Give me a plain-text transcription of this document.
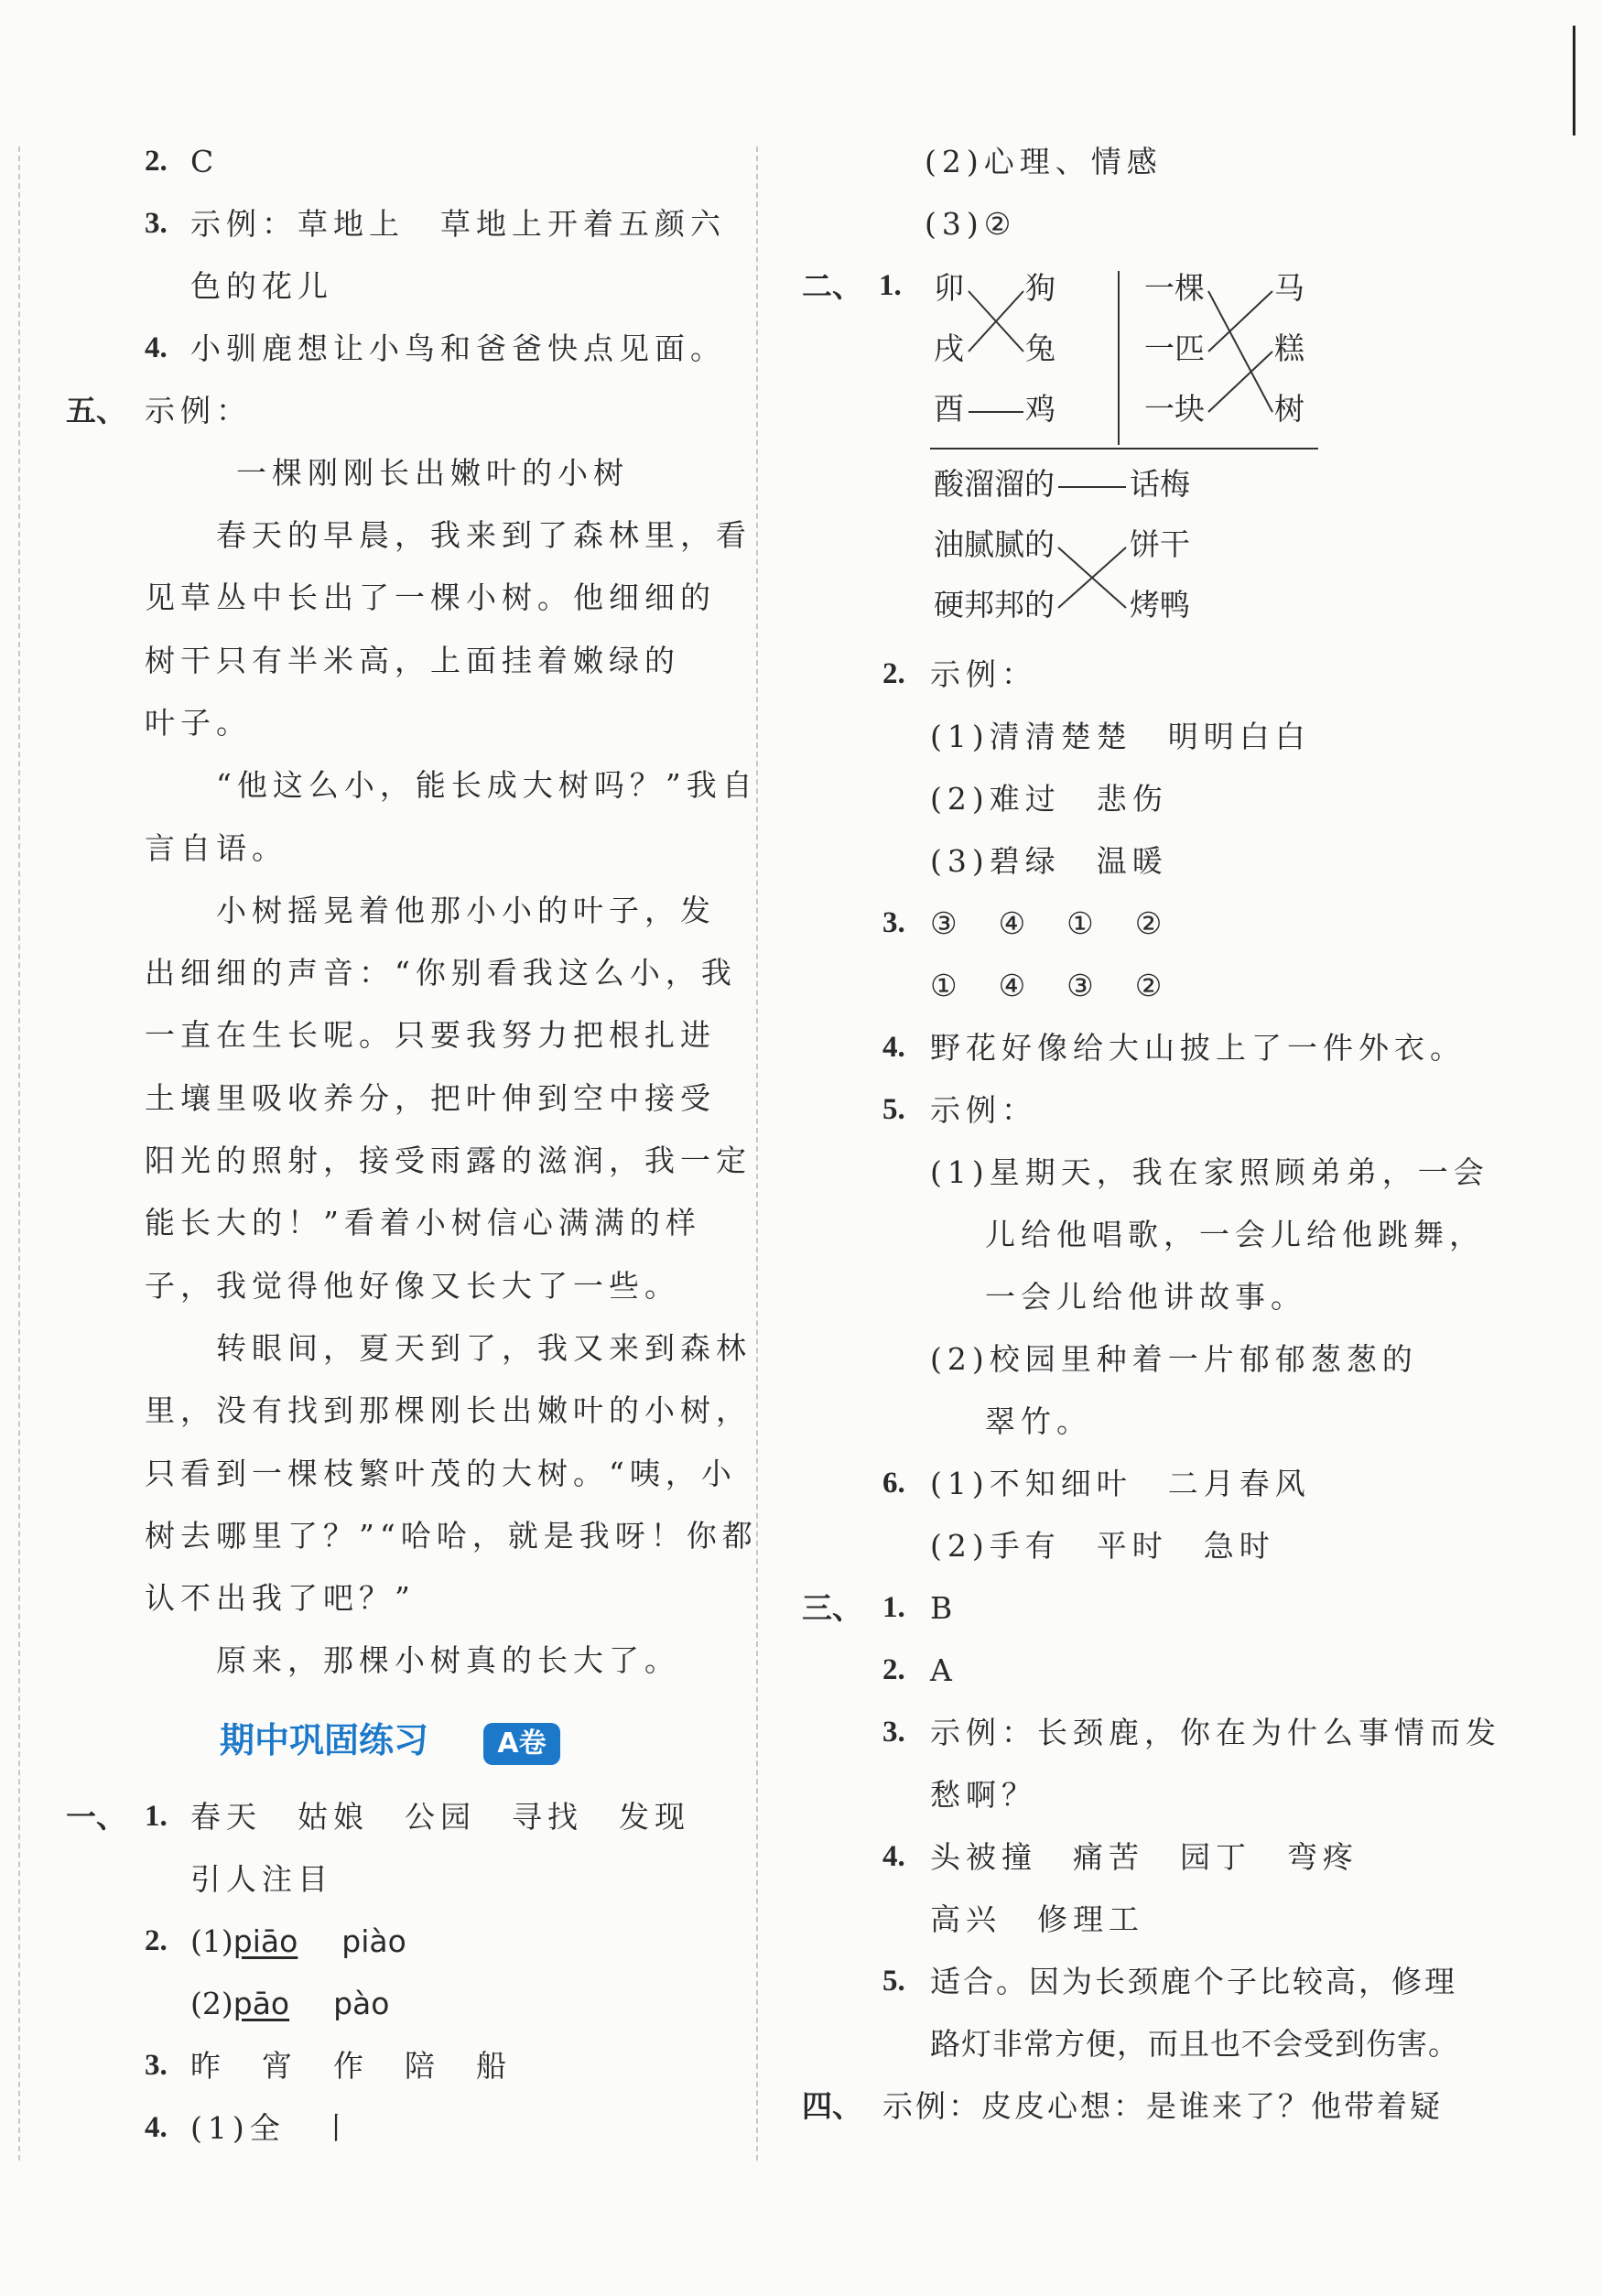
2. C
3. 示例：草地上　草地上开着五颜六
色的花儿
4. 小驯鹿想让小鸟和爸爸快点见面。
五、 示例：
一棵刚刚长出嫩叶的小树
　　春天的早晨，我来到了森林里，看
见草丛中长出了一棵小树。他细细的
树干只有半米高，上面挂着嫩绿的
叶子。
　　“他这么小，能长成大树吗？”我自
言自语。
　　小树摇晃着他那小小的叶子，发
出细细的声音：“你别看我这么小，我
一直在生长呢。只要我努力把根扎进
土壤里吸收养分，把叶伸到空中接受
阳光的照射，接受雨露的滋润，我一定
能长大的！”看着小树信心满满的样
子，我觉得他好像又长大了一些。
　　转眼间，夏天到了，我又来到森林
里，没有找到那棵刚长出嫩叶的小树，
只看到一棵枝繁叶茂的大树。“咦，小
树去哪里了？”“哈哈，就是我呀！你都
认不出我了吧？”
　　原来，那棵小树真的长大了。
期中巩固练习	A卷
一、 1. 春天　姑娘　公园　寻找　发现
引人注目
2. (1)piāo piào
(2)pāo pào
3. 昨　宵　作　陪　船
4. (1)全　丨
(2)心理、情感
(3)②
二、 1. 卯
戌
酉
狗
兔
鸡
一棵
一匹
一块
马
糕
树
酸溜溜的
油腻腻的
硬邦邦的
话梅
饼干
烤鸭
2. 示例：
(1)清清楚楚　明明白白
(2)难过　悲伤
(3)碧绿　温暖
3. ③　④　①　②
①　④　③　②
4. 野花好像给大山披上了一件外衣。
5. 示例：
(1)星期天，我在家照顾弟弟，一会
儿给他唱歌，一会儿给他跳舞，
一会儿给他讲故事。
(2)校园里种着一片郁郁葱葱的
翠竹。
6. (1)不知细叶　二月春风
(2)手有　平时　急时
三、 1. B
2. A
3. 示例：长颈鹿，你在为什么事情而发
愁啊？
4. 头被撞　痛苦　园丁　弯疼
高兴　修理工
5. 适合。因为长颈鹿个子比较高，修理
路灯非常方便，而且也不会受到伤害。
四、 示例：皮皮心想：是谁来了？他带着疑
